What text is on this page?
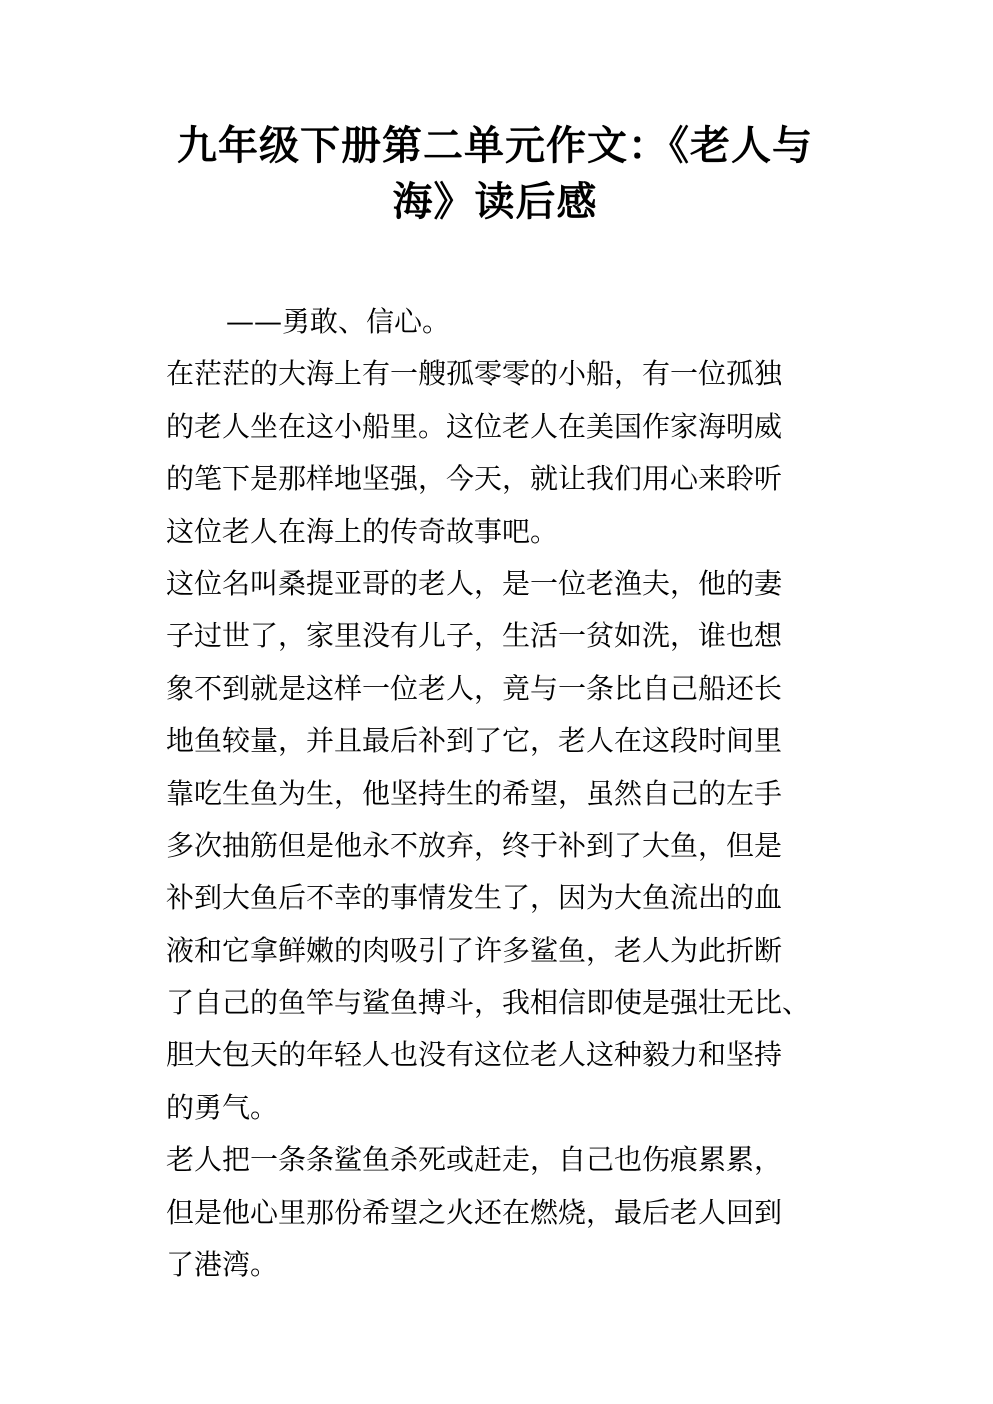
九年级下册第二单元作文：《老人与
海》读后感
——勇敢、信心。
在茫茫的大海上有一艘孤零零的小船，有一位孤独
的老人坐在这小船里。这位老人在美国作家海明威
的笔下是那样地坚强，今天，就让我们用心来聆听
这位老人在海上的传奇故事吧。
这位名叫桑提亚哥的老人，是一位老渔夫，他的妻
子过世了，家里没有儿子，生活一贫如洗，谁也想
象不到就是这样一位老人，竟与一条比自己船还长
地鱼较量，并且最后补到了它，老人在这段时间里
靠吃生鱼为生，他坚持生的希望，虽然自己的左手
多次抽筋但是他永不放弃，终于补到了大鱼，但是
补到大鱼后不幸的事情发生了，因为大鱼流出的血
液和它拿鲜嫩的肉吸引了许多鲨鱼，老人为此折断
了自己的鱼竿与鲨鱼搏斗，我相信即使是强壮无比、
胆大包天的年轻人也没有这位老人这种毅力和坚持
的勇气。
老人把一条条鲨鱼杀死或赶走，自己也伤痕累累，
但是他心里那份希望之火还在燃烧，最后老人回到
了港湾。
